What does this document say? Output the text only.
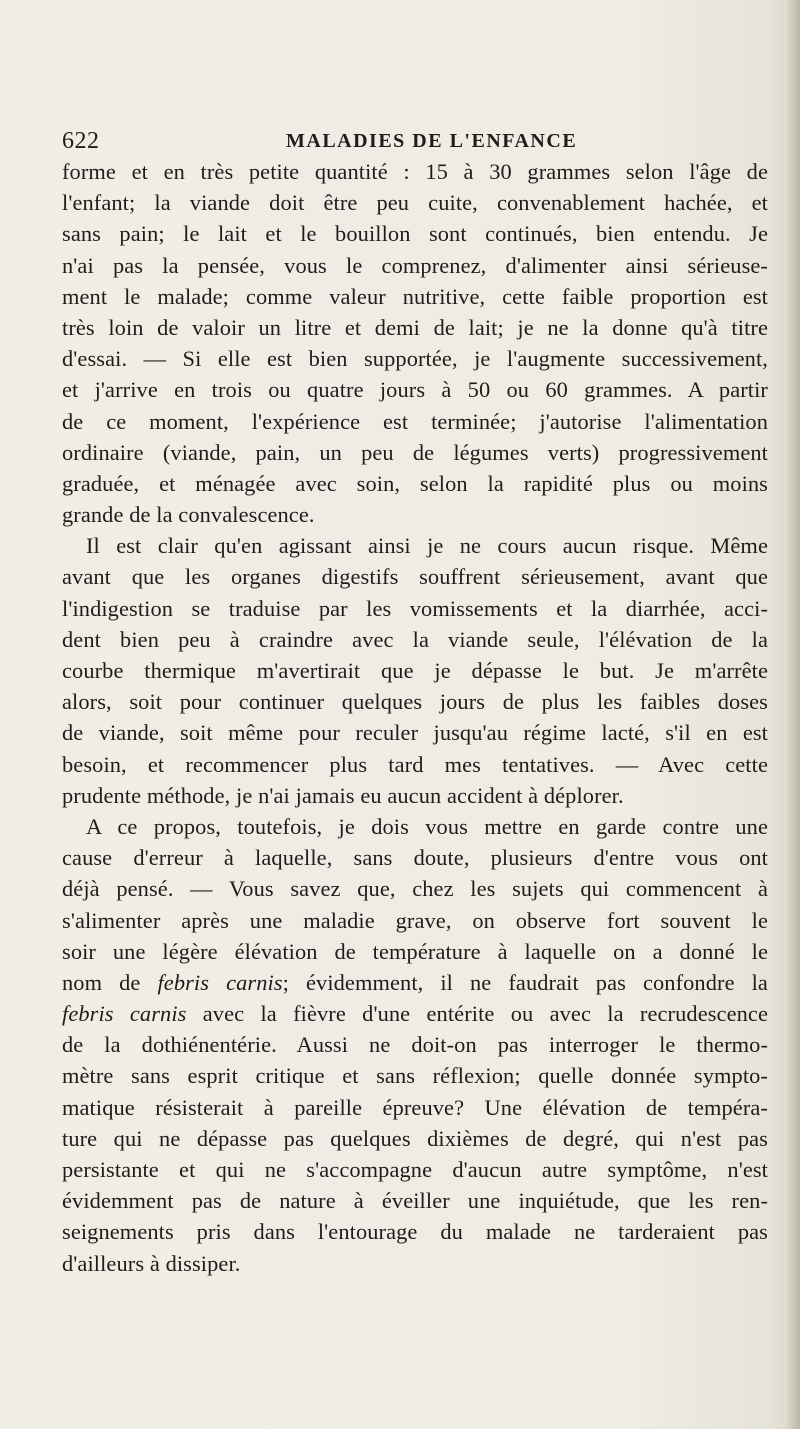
622	MALADIES DE L'ENFANCE
forme et en très petite quantité : 15 à 30 grammes selon l'âge de
l'enfant; la viande doit être peu cuite, convenablement hachée, et
sans pain; le lait et le bouillon sont continués, bien entendu. Je
n'ai pas la pensée, vous le comprenez, d'alimenter ainsi sérieuse-
ment le malade; comme valeur nutritive, cette faible proportion est
très loin de valoir un litre et demi de lait; je ne la donne qu'à titre
d'essai. — Si elle est bien supportée, je l'augmente successivement,
et j'arrive en trois ou quatre jours à 50 ou 60 grammes. A partir
de ce moment, l'expérience est terminée; j'autorise l'alimentation
ordinaire (viande, pain, un peu de légumes verts) progressivement
graduée, et ménagée avec soin, selon la rapidité plus ou moins
grande de la convalescence.
Il est clair qu'en agissant ainsi je ne cours aucun risque. Même
avant que les organes digestifs souffrent sérieusement, avant que
l'indigestion se traduise par les vomissements et la diarrhée, acci-
dent bien peu à craindre avec la viande seule, l'élévation de la
courbe thermique m'avertirait que je dépasse le but. Je m'arrête
alors, soit pour continuer quelques jours de plus les faibles doses
de viande, soit même pour reculer jusqu'au régime lacté, s'il en est
besoin, et recommencer plus tard mes tentatives. — Avec cette
prudente méthode, je n'ai jamais eu aucun accident à déplorer.
A ce propos, toutefois, je dois vous mettre en garde contre une
cause d'erreur à laquelle, sans doute, plusieurs d'entre vous ont
déjà pensé. — Vous savez que, chez les sujets qui commencent à
s'alimenter après une maladie grave, on observe fort souvent le
soir une légère élévation de température à laquelle on a donné le
nom de febris carnis; évidemment, il ne faudrait pas confondre la
febris carnis avec la fièvre d'une entérite ou avec la recrudescence
de la dothiénentérie. Aussi ne doit-on pas interroger le thermo-
mètre sans esprit critique et sans réflexion; quelle donnée sympto-
matique résisterait à pareille épreuve? Une élévation de tempéra-
ture qui ne dépasse pas quelques dixièmes de degré, qui n'est pas
persistante et qui ne s'accompagne d'aucun autre symptôme, n'est
évidemment pas de nature à éveiller une inquiétude, que les ren-
seignements pris dans l'entourage du malade ne tarderaient pas
d'ailleurs à dissiper.
